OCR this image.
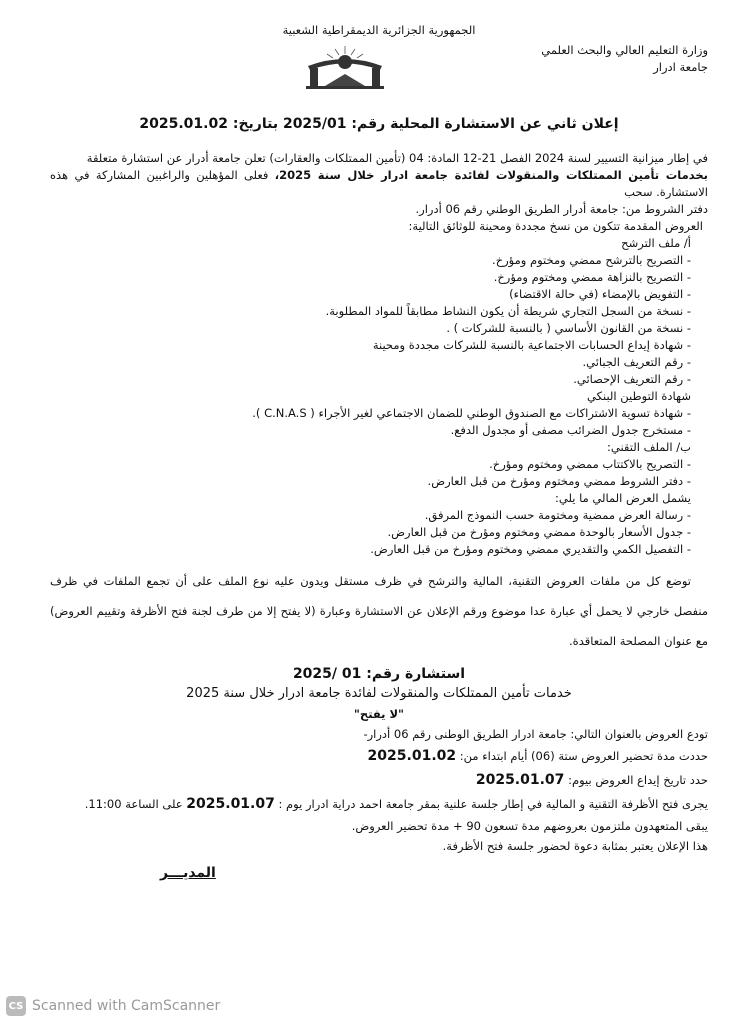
الجمهورية الجزائرية الديمقراطية الشعبية
وزارة التعليم العالي والبحث العلمي
جامعة ادرار
إعلان ثاني عن الاستشارة المحلية رقم: 2025/01 بتاريخ: 2025.01.02
في إطار ميزانية التسيير لسنة 2024 الفصل 21-12 المادة: 04 (تأمين الممتلكات والعقارات) تعلن جامعة أدرار عن استشارة متعلقة
بخدمات تأمين الممتلكات والمنقولات لفائدة جامعة ادرار خلال سنة 2025، فعلى المؤهلين والراغبين المشاركة في هذه الاستشارة. سحب
دفتر الشروط من: جامعة أدرار الطريق الوطني رقم 06 أدرار.
العروض المقدمة تتكون من نسخ مجددة ومحينة للوثائق التالية:
أ/ ملف الترشح
- التصريح بالترشح ممضي ومختوم ومؤرخ.
- التصريح بالنزاهة ممضي ومختوم ومؤرخ.
- التفويض بالإمضاء (في حالة الاقتضاء)
- نسخة من السجل التجاري شريطة أن يكون النشاط مطابقاً للمواد المطلوبة.
- نسخة من القانون الأساسي ( بالنسبة للشركات ) .
- شهادة إيداع الحسابات الاجتماعية بالنسبة للشركات مجددة ومحينة
- رقم التعريف الجبائي.
- رقم التعريف الإحصائي.
شهادة التوطين البنكي
- شهادة تسوية الاشتراكات مع الصندوق الوطني للضمان الاجتماعي لغير الأجراء ( C.N.A.S ).
- مستخرج جدول الضرائب مصفى أو مجدول الدفع.
ب/ الملف التقني:
- التصريح بالاكتتاب ممضي ومختوم ومؤرخ.
- دفتر الشروط ممضي ومختوم ومؤرخ من قبل العارض.
يشمل العرض المالي ما يلي:
- رسالة العرض ممضية ومختومة حسب النموذج المرفق.
- جدول الأسعار بالوحدة ممضي ومختوم ومؤرخ من قبل العارض.
- التفصيل الكمي والتقديري ممضي ومختوم ومؤرخ من قبل العارض.
توضع كل من ملفات العروض التقنية، المالية والترشح في ظرف مستقل ويدون عليه نوع الملف على أن تجمع الملفات في ظرف منفصل خارجي لا يحمل أي عبارة عدا موضوع ورقم الإعلان عن الاستشارة وعبارة (لا يفتح إلا من طرف لجنة فتح الأظرفة وتقييم العروض) مع عنوان المصلحة المتعاقدة.
استشارة رقم: 01 /2025
خدمات تأمين الممتلكات والمنقولات لفائدة جامعة ادرار خلال سنة 2025
"لا يفتح"
تودع العروض بالعنوان التالي: جامعة ادرار الطريق الوطنى رقم 06 أدرار-
حددت مدة تحضير العروض ستة (06) أيام ابتداء من: 2025.01.02
حدد تاريخ إيداع العروض بيوم: 2025.01.07
يجرى فتح الأظرفة التقنية و المالية في إطار جلسة علنية بمقر جامعة احمد دراية ادرار يوم : 2025.01.07 على الساعة 11:00.
يبقى المتعهدون ملتزمون بعروضهم مدة تسعون 90 + مدة تحضير العروض.
هذا الإعلان يعتبر بمثابة دعوة لحضور جلسة فتح الأظرفة.
المديـــر
CS Scanned with CamScanner
